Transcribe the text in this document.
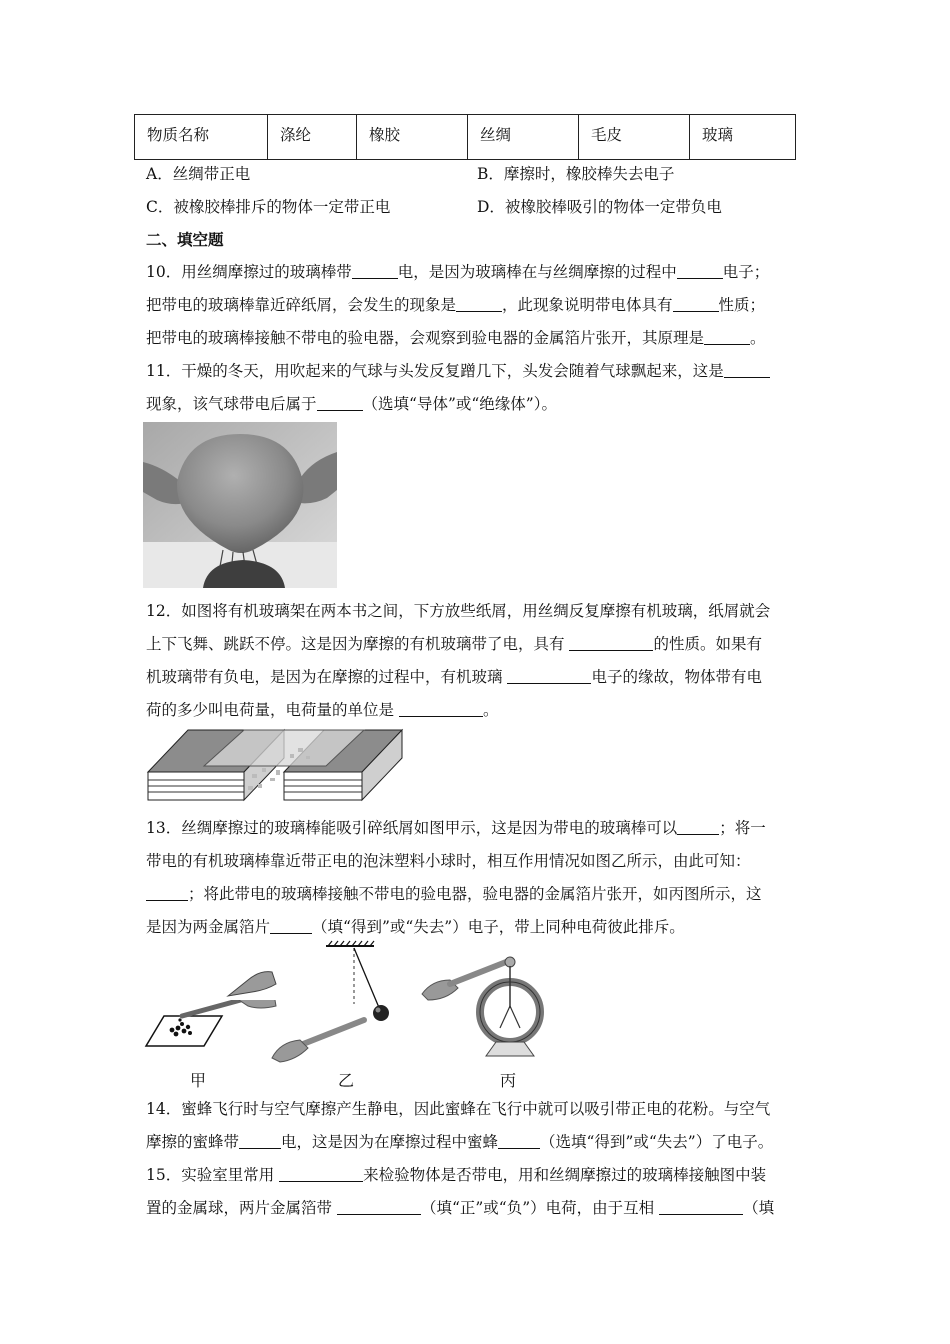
物质名称	涤纶	橡胶	丝绸	毛皮	玻璃
A．丝绸带正电	B．摩擦时，橡胶棒失去电子
C．被橡胶棒排斥的物体一定带正电	D．被橡胶棒吸引的物体一定带负电
二、填空题
10．用丝绸摩擦过的玻璃棒带	电，是因为玻璃棒在与丝绸摩擦的过程中	电子；
把带电的玻璃棒靠近碎纸屑，会发生的现象是	，此现象说明带电体具有	性质；
把带电的玻璃棒接触不带电的验电器，会观察到验电器的金属箔片张开，其原理是	。
11．干燥的冬天，用吹起来的气球与头发反复蹭几下，头发会随着气球飘起来，这是
现象，该气球带电后属于	（选填“导体”或“绝缘体”）。
12．如图将有机玻璃架在两本书之间，下方放些纸屑，用丝绸反复摩擦有机玻璃，纸屑就会
上下飞舞、跳跃不停。这是因为摩擦的有机玻璃带了电，具有	的性质。如果有
机玻璃带有负电，是因为在摩擦的过程中，有机玻璃	电子的缘故，物体带有电
荷的多少叫电荷量，电荷量的单位是	。
13．丝绸摩擦过的玻璃棒能吸引碎纸屑如图甲示，这是因为带电的玻璃棒可以	；将一
带电的有机玻璃棒靠近带正电的泡沫塑料小球时，相互作用情况如图乙所示，由此可知：
；将此带电的玻璃棒接触不带电的验电器，验电器的金属箔片张开，如丙图所示，这
是因为两金属箔片	（填“得到”或“失去”）电子，带上同种电荷彼此排斥。
甲	乙	丙
14．蜜蜂飞行时与空气摩擦产生静电，因此蜜蜂在飞行中就可以吸引带正电的花粉。与空气
摩擦的蜜蜂带	电，这是因为在摩擦过程中蜜蜂	（选填“得到”或“失去”）了电子。
15．实验室里常用	来检验物体是否带电，用和丝绸摩擦过的玻璃棒接触图中装
置的金属球，两片金属箔带	（填“正”或“负”）电荷，由于互相	（填
